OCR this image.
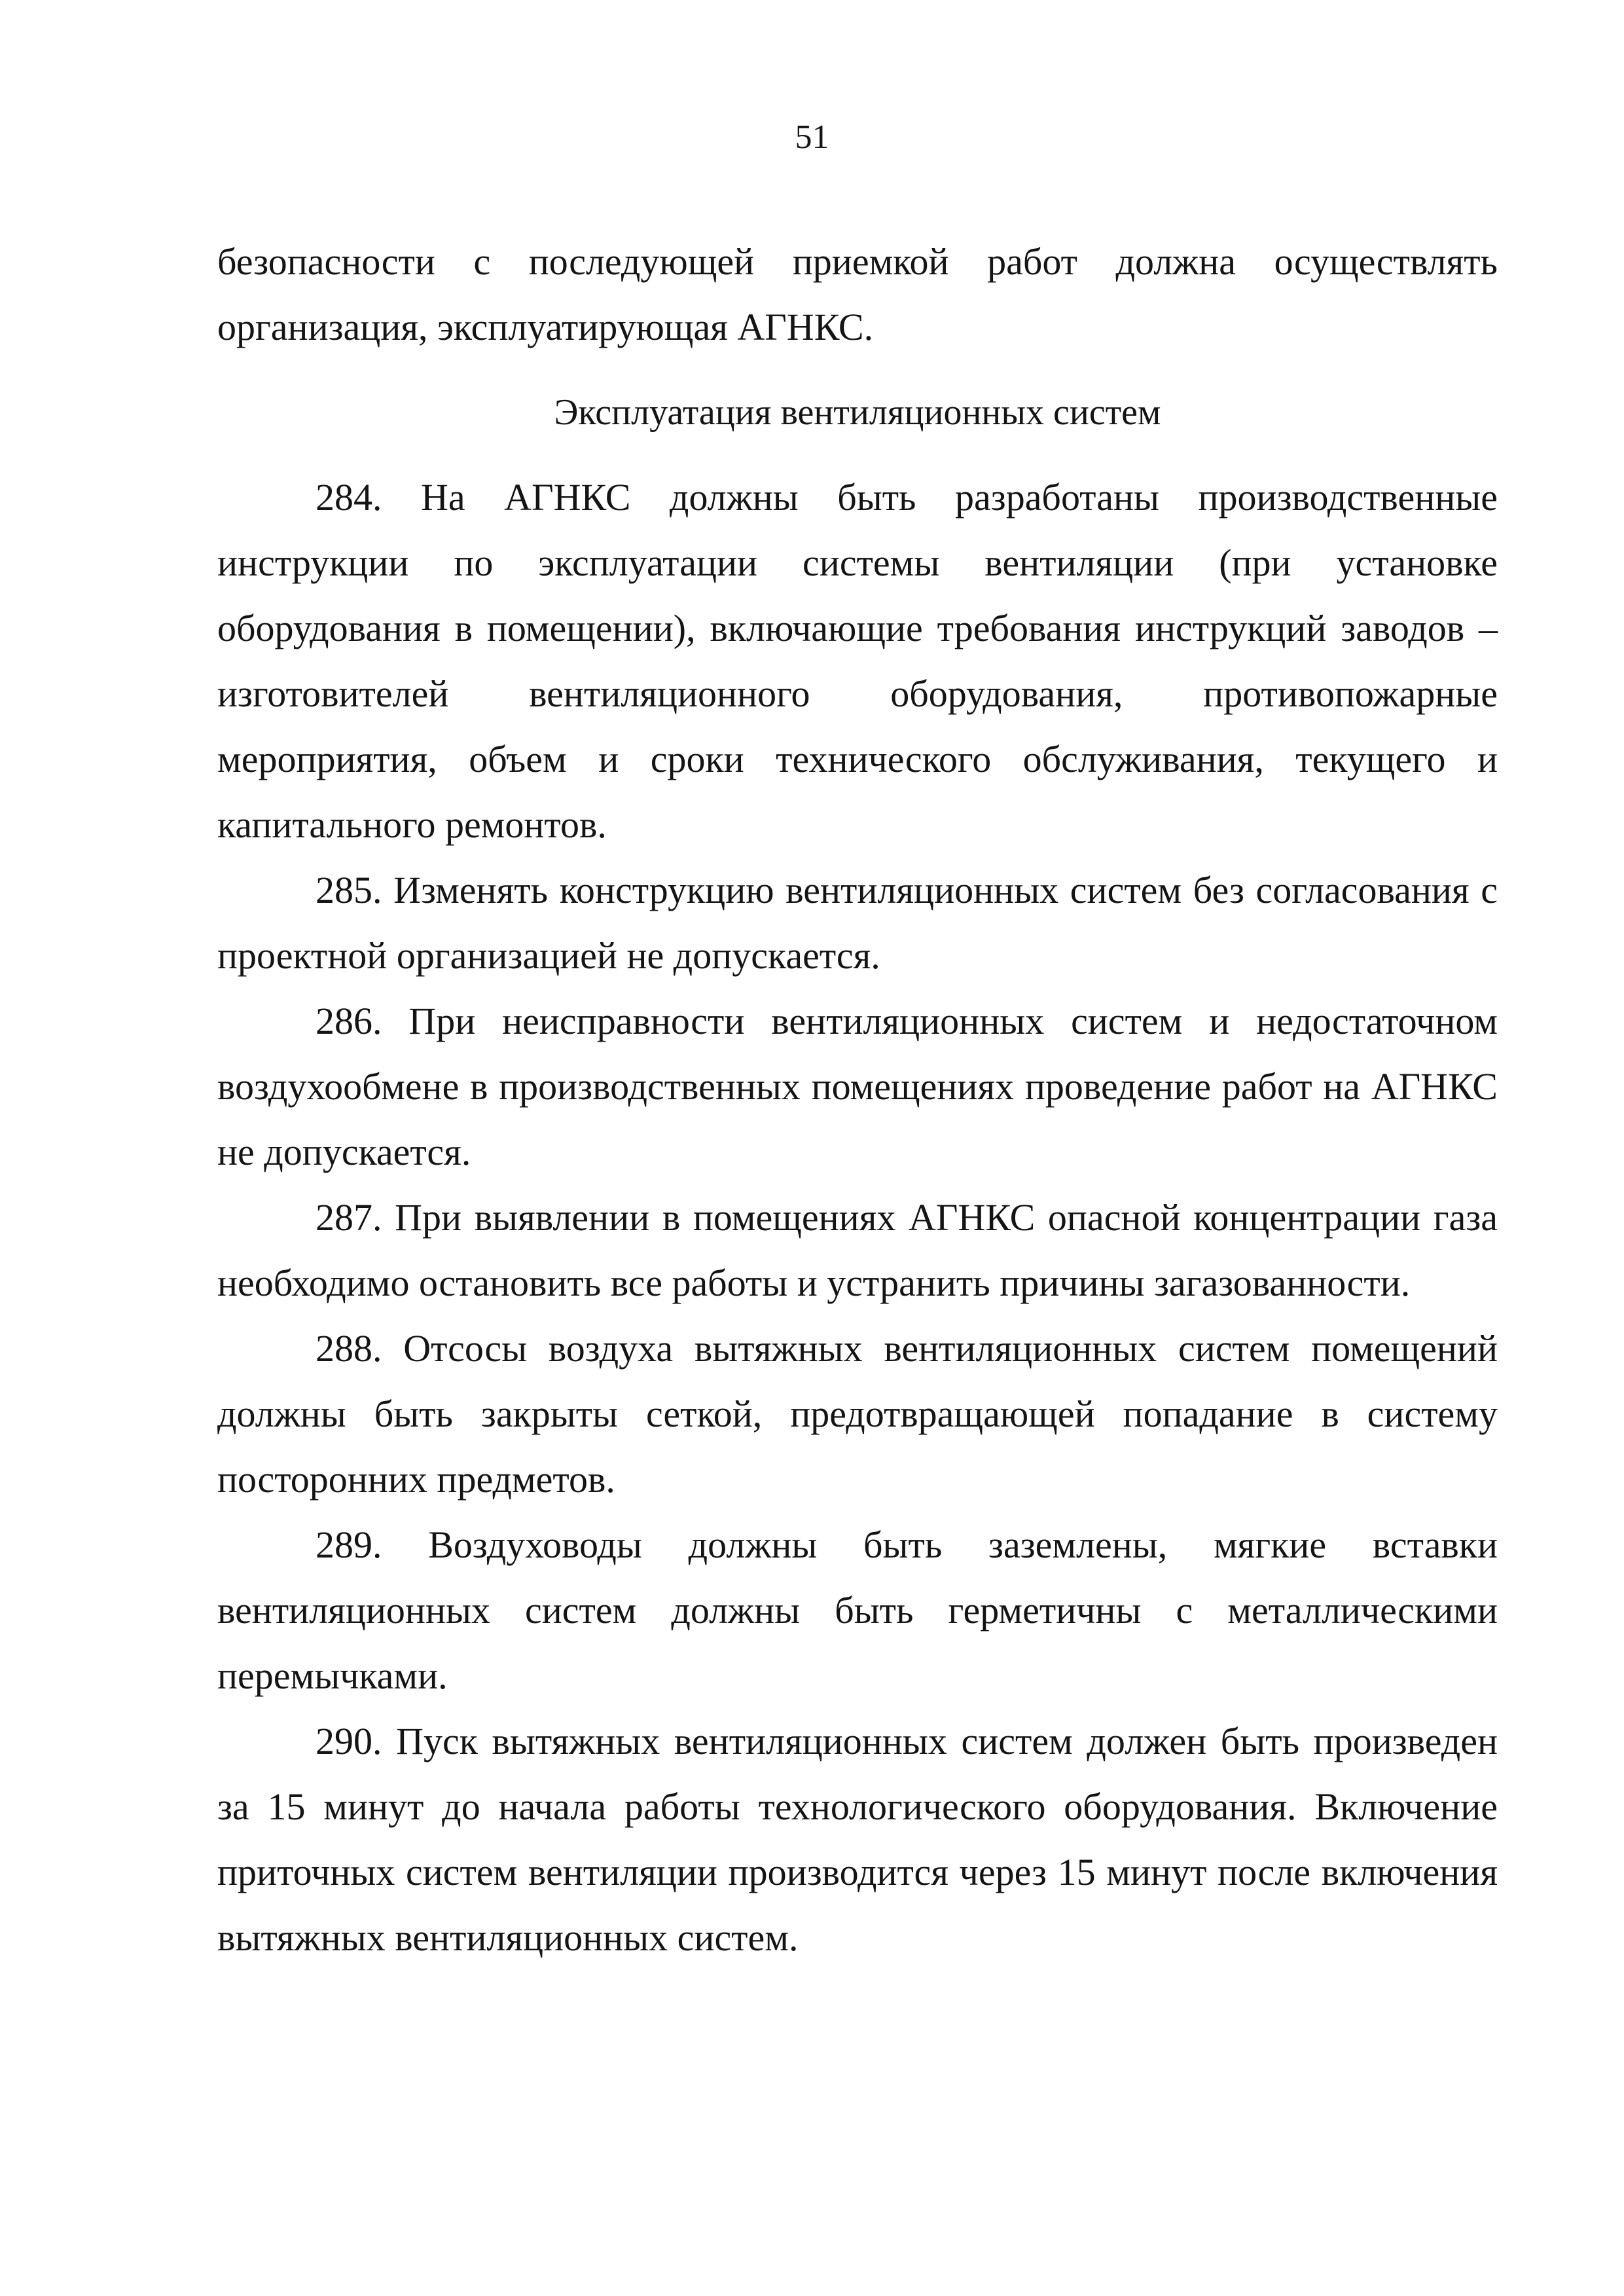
51

безопасности с последующей приемкой работ должна осуществлять организация, эксплуатирующая АГНКС.

Эксплуатация вентиляционных систем

284. На АГНКС должны быть разработаны производственные инструкции по эксплуатации системы вентиляции (при установке оборудования в помещении), включающие требования инструкций заводов – изготовителей вентиляционного оборудования, противопожарные мероприятия, объем и сроки технического обслуживания, текущего и капитального ремонтов.

285. Изменять конструкцию вентиляционных систем без согласования с проектной организацией не допускается.

286. При неисправности вентиляционных систем и недостаточном воздухообмене в производственных помещениях проведение работ на АГНКС не допускается.

287. При выявлении в помещениях АГНКС опасной концентрации газа необходимо остановить все работы и устранить причины загазованности.

288. Отсосы воздуха вытяжных вентиляционных систем помещений должны быть закрыты сеткой, предотвращающей попадание в систему посторонних предметов.

289. Воздуховоды должны быть заземлены, мягкие вставки вентиляционных систем должны быть герметичны с металлическими перемычками.

290. Пуск вытяжных вентиляционных систем должен быть произведен за 15 минут до начала работы технологического оборудования. Включение приточных систем вентиляции производится через 15 минут после включения вытяжных вентиляционных систем.
